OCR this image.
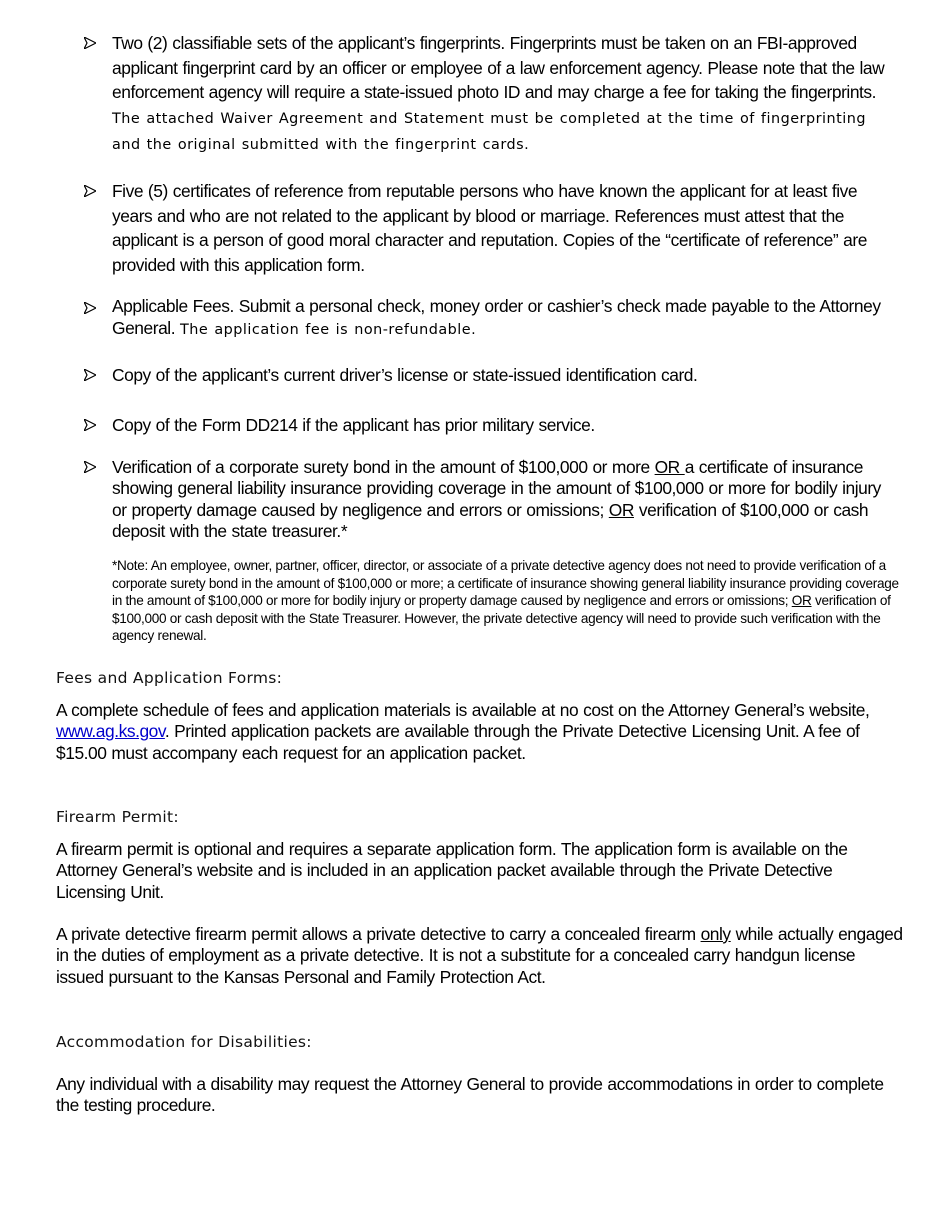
Two (2) classifiable sets of the applicant’s fingerprints. Fingerprints must be taken on an FBI-approved applicant fingerprint card by an officer or employee of a law enforcement agency. Please note that the law enforcement agency will require a state-issued photo ID and may charge a fee for taking the fingerprints. The attached Waiver Agreement and Statement must be completed at the time of fingerprinting and the original submitted with the fingerprint cards.
Five (5) certificates of reference from reputable persons who have known the applicant for at least five years and who are not related to the applicant by blood or marriage. References must attest that the applicant is a person of good moral character and reputation. Copies of the “certificate of reference” are provided with this application form.
Applicable Fees. Submit a personal check, money order or cashier’s check made payable to the Attorney General. The application fee is non-refundable.
Copy of the applicant’s current driver’s license or state-issued identification card.
Copy of the Form DD214 if the applicant has prior military service.
Verification of a corporate surety bond in the amount of $100,000 or more OR a certificate of insurance showing general liability insurance providing coverage in the amount of $100,000 or more for bodily injury or property damage caused by negligence and errors or omissions; OR verification of $100,000 or cash deposit with the state treasurer.*
*Note: An employee, owner, partner, officer, director, or associate of a private detective agency does not need to provide verification of a corporate surety bond in the amount of $100,000 or more; a certificate of insurance showing general liability insurance providing coverage in the amount of $100,000 or more for bodily injury or property damage caused by negligence and errors or omissions; OR verification of $100,000 or cash deposit with the State Treasurer. However, the private detective agency will need to provide such verification with the agency renewal.
Fees and Application Forms:
A complete schedule of fees and application materials is available at no cost on the Attorney General’s website, www.ag.ks.gov. Printed application packets are available through the Private Detective Licensing Unit. A fee of $15.00 must accompany each request for an application packet.
Firearm Permit:
A firearm permit is optional and requires a separate application form. The application form is available on the Attorney General’s website and is included in an application packet available through the Private Detective Licensing Unit.
A private detective firearm permit allows a private detective to carry a concealed firearm only while actually engaged in the duties of employment as a private detective. It is not a substitute for a concealed carry handgun license issued pursuant to the Kansas Personal and Family Protection Act.
Accommodation for Disabilities:
Any individual with a disability may request the Attorney General to provide accommodations in order to complete the testing procedure.
